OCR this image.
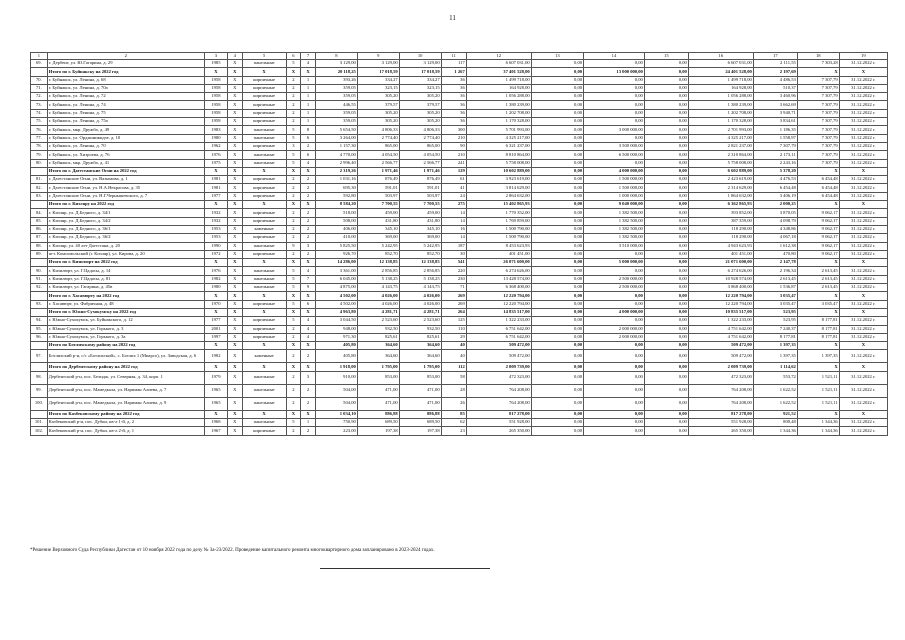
11
1	2	3	4	5	6	7	8	9	10	11	12	13	14	15	16	17	18	19
69.	г. Дербент, ул. Ю.Гагарина, д. 29	1985	Х	панельные	5	4	3 129,00	3 129,00	3 129,00	117	6 607 031,00	0,00	0,00	0,00	6 607 031,00	2 111,55	7 303,28	31.12.2022 г.
	Итого по г. Буйнакску на 2022 год	Х	Х	Х	Х	Х	20 118,25	17 018,59	17 018,59	1 267	37 401 528,00	0,00	13 000 000,00	0,00	24 401 528,00	2 197,69	Х	Х
70.	г. Буйнакск, ул. Ленина, д. 68	1958	Х	кирпичные	2	1	393,26	334,27	334,27	36	1 499 718,00	0,00	0,00	0,00	1 499 718,00	4 486,53	7 307,79	31.12.2022 г.
71.	г. Буйнакск, ул. Ленина, д. 70а	1958	Х	кирпичные	2	1	359,05	323,15	323,15	36	164 928,00	0,00	0,00	0,00	164 928,00	510,37	7 307,79	31.12.2022 г.
72.	г. Буйнакск, ул. Ленина, д. 72	1958	Х	кирпичные	2	1	359,05	305,20	305,20	36	1 056 288,00	0,00	0,00	0,00	1 056 288,00	3 460,96	7 307,79	31.12.2022 г.
73.	г. Буйнакск, ул. Ленина, д. 74	1958	Х	кирпичные	2	1	446,55	379,57	379,57	36	1 380 239,00	0,00	0,00	0,00	1 380 239,00	3 662,69	7 307,79	31.12.2022 г.
74.	г. Буйнакск, ул. Ленина, д. 75	1958	Х	кирпичные	2	1	359,05	305,20	305,20	36	1 202 708,00	0,00	0,00	0,00	1 202 708,00	3 940,71	7 307,79	31.12.2022 г.
75.	г. Буйнакск, ул. Ленина, д. 75а	1958	Х	кирпичные	2	1	359,05	305,20	305,20	36	1 170 328,00	0,00	0,00	0,00	1 170 328,00	3 834,61	7 307,79	31.12.2022 г.
76.	г. Буйнакск, мкр. Дружба, д. 49	1983	Х	панельные	5	8	5 654,50	4 806,33	4 806,33	300	5 701 993,00	0,00	3 000 000,00	0,00	2 701 993,00	1 186,35	7 307,79	31.12.2022 г.
77.	г. Буйнакск, ул. Орджоникидзе, д. 10	1980	Х	панельные	5	6	3 264,00	2 774,40	2 774,40	210	4 325 217,00	0,00	0,00	0,00	4 325 217,00	1 558,97	7 307,79	31.12.2022 г.
78.	г. Буйнакск, ул. Ленина, д. 70	1962	Х	кирпичные	3	2	1 157,30	865,00	865,00	90	6 321 237,00	0,00	3 500 000,00	0,00	2 821 237,00	7 307,79	7 307,79	31.12.2022 г.
79.	г. Буйнакск, ул. Хизроева, д. 76	1976	Х	панельные	5	6	4 770,00	4 054,50	4 054,50	210	8 810 864,00	0,00	6 500 000,00	0,00	2 310 864,00	2 173,11	7 307,79	31.12.2022 г.
80.	г. Буйнакск, мкр. Дружба, д. 41	1975	Х	панельные	5	4	2 996,40	2 566,77	2 566,77	241	5 758 008,00	0,00	0,00	0,00	5 758 008,00	2 243,16	7 307,79	31.12.2022 г.
	Итого по г. Дагестанские Огни на 2022 год	Х	Х	Х	Х	Х	2 319,26	1 971,46	1 971,46	129	10 602 889,00	0,00	4 000 000,00	0,00	6 602 889,00	5 378,20	Х	Х
81.	г. Дагестанские Огни, ул. Вазымова, д. 1	1981	Х	кирпичные	2	2	1 031,16	876,49	876,49	61	3 923 619,00	0,00	1 500 000,00	0,00	2 423 619,00	4 476,53	6 454,48	31.12.2022 г.
82.	г. Дагестанские Огни, ул. Н.А.Некрасова, д. 35	1981	Х	кирпичные	2	2	695,30	591,01	591,01	41	3 814 629,00	0,00	1 500 000,00	0,00	2 314 629,00	6 454,48	6 454,48	31.12.2022 г.
83.	г. Дагестанские Огни, ул. Н.Г.Чернышевского, д. 7	1977	Х	кирпичные	2	2	592,80	503,97	503,97	24	2 864 632,00	0,00	1 000 000,00	0,00	1 864 632,00	3 406,19	6 454,48	31.12.2022 г.
	Итого по г. Кизляру на 2022 год	Х	Х	Х	Х	Х	8 584,20	7 700,55	7 700,55	275	15 402 865,93	0,00	9 040 000,00	0,00	6 362 865,93	2 000,25	Х	Х
84.	г. Кизляр, ул. Д.Бедного, д. 34/1	1932	Х	кирпичные	2	2	518,00	459,00	459,00	14	1 770 352,00	0,00	1 382 500,00	0,00	393 852,00	3 870,05	9 062,17	31.12.2022 г.
85.	г. Кизляр, ул. Д.Бедного, д. 34/2	1932	Х	кирпичные	2	2	508,00	431,80	431,80	14	1 769 859,00	0,00	1 382 500,00	0,00	387 359,00	4 098,79	9 062,17	31.12.2022 г.
86.	г. Кизляр, ул. Д.Бедного, д. 36/1	1953	Х	каменные	2	2	406,00	345,10	345,10	16	1 500 790,00	0,00	1 382 500,00	0,00	118 290,00	4 348,86	9 062,17	31.12.2022 г.
87.	г. Кизляр, ул. Д.Бедного, д. 36/2	1953	Х	кирпичные	2	2	410,00	369,00	369,00	14	1 500 790,00	0,00	1 382 500,00	0,00	118 290,00	4 067,18	9 062,17	31.12.2022 г.
88.	г. Кизляр, ул. 40 лет Дагестана, д. 20	1990	Х	панельные	9	3	5 825,50	5 242,95	5 242,95	187	8 453 623,93	0,00	3 510 000,00	0,00	4 943 623,93	1 612,38	9 062,17	31.12.2022 г.
89.	пгт. Комсомольский (г. Кизляр), ул. Кирова, д. 20	1972	Х	кирпичные	2	2	926,70	852,70	852,70	30	401 451,00	0,00	0,00	0,00	401 451,00	470,80	9 062,17	31.12.2022 г.
	Итого по г. Кизилюрт на 2022 год	Х	Х	Х	Х	Х	14 286,00	12 138,85	12 138,85	541	26 071 600,00	0,00	5 000 000,00	0,00	21 071 600,00	2 147,78	Х	Х
90.	г. Кизилюрт, ул. Г.Цадасы, д. 14	1976	Х	панельные	5	4	3 361,00	2 856,85	2 856,85	220	6 274 626,00	0,00	0,00	0,00	6 274 626,00	2 196,34	2 613,45	31.12.2022 г.
91.	г. Кизилюрт, ул. Г.Цадасы, д. 81	1982	Х	панельные	5	7	6 045,00	5 138,25	5 138,25	230	13 428 574,00	0,00	2 500 000,00	0,00	10 928 574,00	2 613,45	2 613,45	31.12.2022 г.
92.	г. Кизилюрт, ул. Гагарина, д. 45в	1980	Х	панельные	5	9	4 875,00	4 143,75	4 143,75	71	6 368 400,00	0,00	2 500 000,00	0,00	3 868 400,00	1 536,87	2 613,45	31.12.2022 г.
	Итого по г. Хасавюрту на 2022 год	Х	Х	Х	Х	Х	4 502,00	4 026,00	4 026,00	269	12 220 794,00	0,00	0,00	0,00	12 220 794,00	3 035,47	Х	Х
93.	г. Хасавюрт, ул. Фабричная, д. 48	1970	Х	кирпичные	5	6	4 502,00	4 026,00	4 026,00	269	12 220 794,00	0,00	0,00	0,00	12 220 794,00	3 035,47	3 035,47	31.12.2022 г.
	Итого по г. Южно-Сухокумску на 2022 год	Х	Х	Х	Х	Х	4 963,80	4 281,71	4 281,71	264	14 835 517,00	0,00	4 000 000,00	0,00	10 835 517,00	523,95	Х	Х
94.	г. Южно-Сухокумск, ул. Буйнакского, д. 12	1977	Х	кирпичные	5	4	3 044,50	2 523,60	2 523,60	125	1 322 233,00	0,00	0,00	0,00	1 322 233,00	523,95	8 177,81	31.12.2022 г.
95.	г. Южно-Сухокумск, ул. Горького, д. 3	2001	Х	кирпичные	2	4	948,00	932,50	932,50	110	6 751 642,00	0,00	2 000 000,00	0,00	4 751 642,00	7 240,37	8 177,81	31.12.2022 г.
96.	г. Южно-Сухокумск, ул. Горького, д. 3а	1997	Х	кирпичные	2	4	971,30	825,61	825,61	29	6 751 642,00	0,00	2 000 000,00	0,00	4 751 642,00	8 177,81	8 177,81	31.12.2022 г.
	Итого по Ботлихскому району на 2022 год	Х	Х	Х	Х	Х	405,80	364,60	364,60	40	509 472,00	0,00	0,00	0,00	509 472,00	1 397,35	Х	Х
97.	Ботлихский р-н, с/с «Ботлихский», с. Ботлих 1 (Миарсо), ул. Заводская, д. 6	1982	Х	каменные	2	2	405,80	364,60	364,60	40	509 472,00	0,00	0,00	0,00	509 472,00	1 397,35	1 397,35	31.12.2022 г.
	Итого по Дербентскому району на 2022 год	Х	Х	Х	Х	Х	1 918,00	1 795,00	1 795,00	112	2 009 739,00	0,00	0,00	0,00	2 009 739,00	1 114,62	Х	Х
98.	Дербентский р-н, пос. Белидж, ул. Северная, д. 34, корп. 1	1979	Х	панельные	2	3	910,00	853,00	853,00	58	472 323,00	0,00	0,00	0,00	472 323,00	553,72	1 521,11	31.12.2022 г.
99.	Дербентский р-н, пос. Мамедкала, ул. Нариман Алиева, д. 7	1965	Х	панельные	2	2	504,00	471,00	471,00	28	764 208,00	0,00	0,00	0,00	764 208,00	1 622,52	1 521,11	31.12.2022 г.
100.	Дербентский р-н, пос. Мамедкала, ул. Нариман Алиева, д. 9	1965	Х	панельные	2	2	504,00	471,00	471,00	26	764 208,00	0,00	0,00	0,00	764 208,00	1 622,52	1 521,11	31.12.2022 г.
	Итого по Казбековскому району на 2022 год	Х	Х	Х	Х	Х	1 034,10	886,88	886,88	85	817 278,00	0,00	0,00	0,00	817 278,00	921,52	Х	Х
101.	Казбековский р-н, пос. Дубки, кв-л 1-й, д. 2	1968	Х	панельные	5	1	750,90	689,50	689,50	62	551 928,00	0,00	0,00	0,00	551 928,00	800,48	1 344,36	31.12.2022 г.
102.	Казбековский р-н, пос. Дубки, кв-л 2-й, д. 1	1967	Х	кирпичные	2	2	223,00	197,38	197,38	23	265 350,00	0,00	0,00	0,00	265 350,00	1 344,36	1 344,36	31.12.2022 г.
*Решение Верховного Суда Республики Дагестан от 10 ноября 2022 года по делу № 3а-23/2022. Проведение капитального ремонта многоквартирного дома запланировано в 2023-2024 годах.
